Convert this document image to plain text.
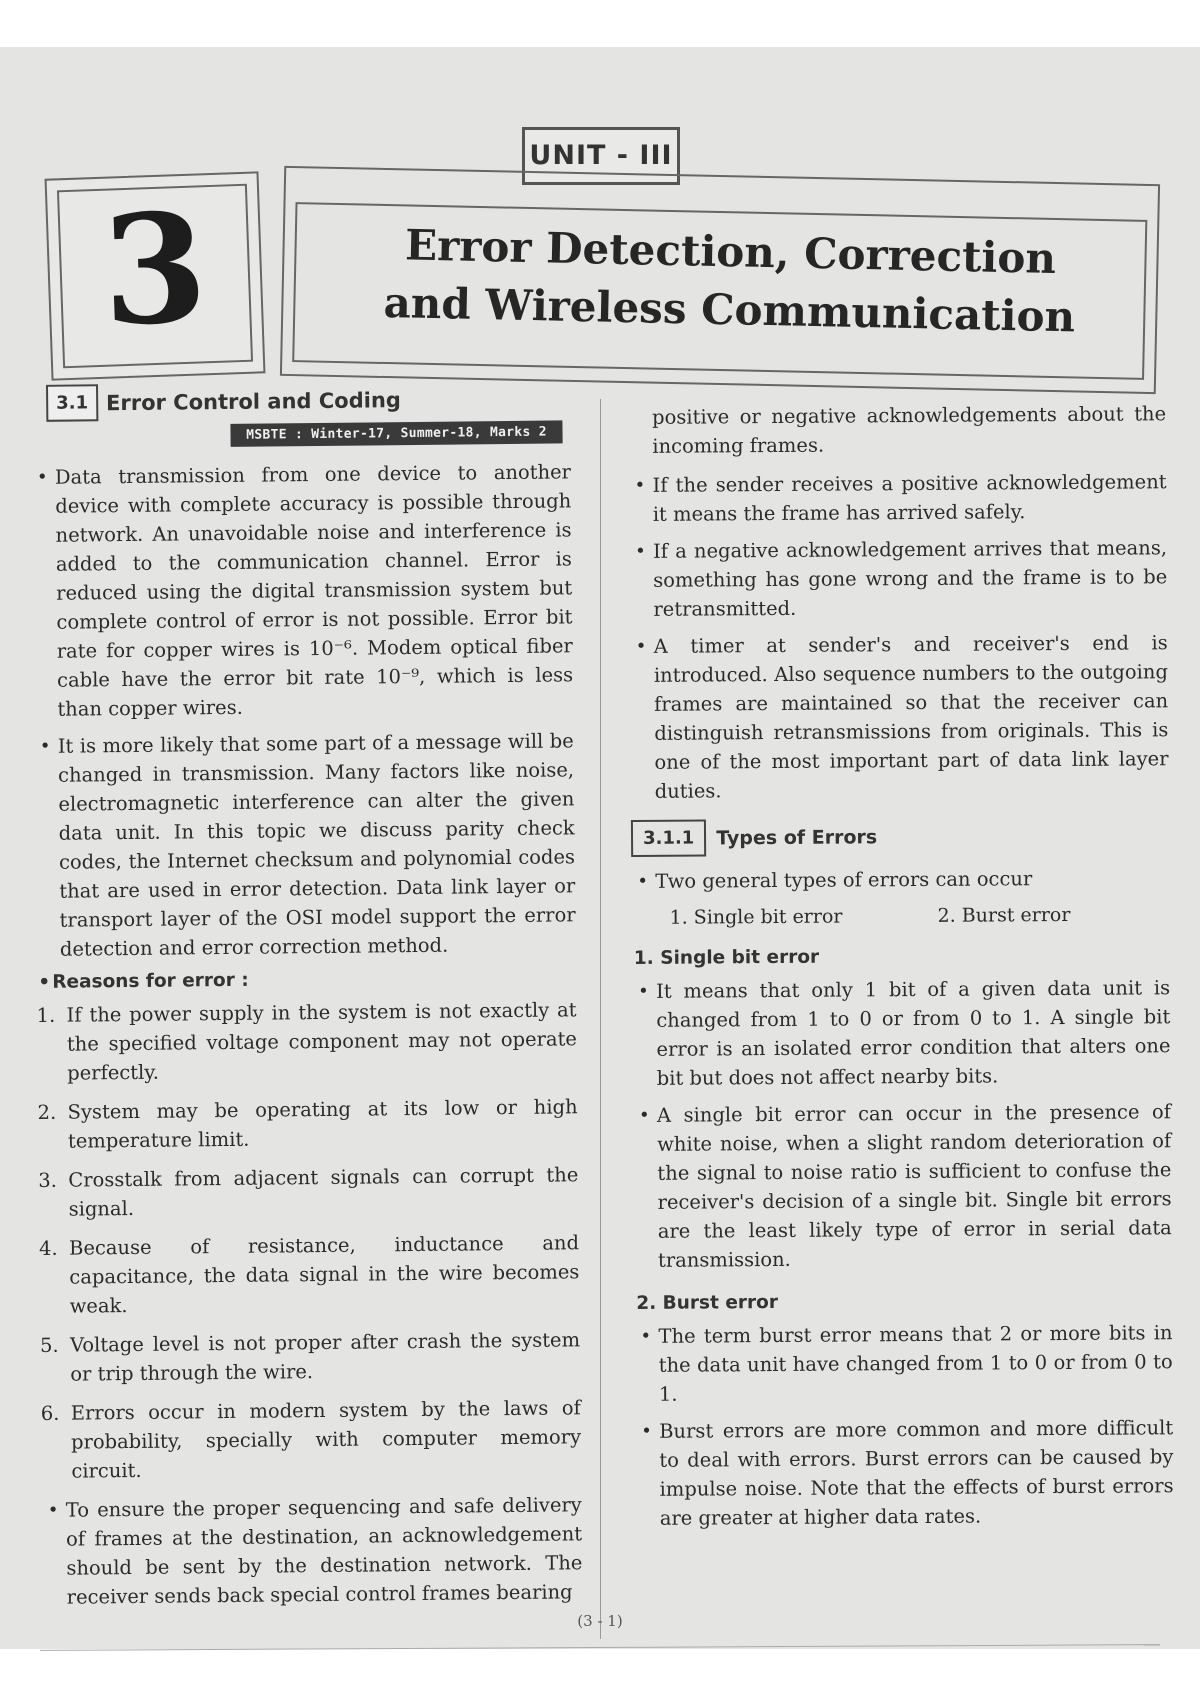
UNIT - III
3	Error Detection, Correction
and Wireless Communication
3.1 Error Control and Coding
MSBTE : Winter-17, Summer-18, Marks 2

• Data transmission from one device to another device with complete accuracy is possible through network. An unavoidable noise and interference is added to the communication channel. Error is reduced using the digital transmission system but complete control of error is not possible. Error bit rate for copper wires is 10⁻⁶. Modem optical fiber cable have the error bit rate 10⁻⁹, which is less than copper wires.

• It is more likely that some part of a message will be changed in transmission. Many factors like noise, electromagnetic interference can alter the given data unit. In this topic we discuss parity check codes, the Internet checksum and polynomial codes that are used in error detection. Data link layer or transport layer of the OSI model support the error detection and error correction method.

• Reasons for error :
1. If the power supply in the system is not exactly at the specified voltage component may not operate perfectly.
2. System may be operating at its low or high temperature limit.
3. Crosstalk from adjacent signals can corrupt the signal.
4. Because of resistance, inductance and capacitance, the data signal in the wire becomes weak.
5. Voltage level is not proper after crash the system or trip through the wire.
6. Errors occur in modern system by the laws of probability, specially with computer memory circuit.

• To ensure the proper sequencing and safe delivery of frames at the destination, an acknowledgement should be sent by the destination network. The receiver sends back special control frames bearing

positive or negative acknowledgements about the incoming frames.

• If the sender receives a positive acknowledgement it means the frame has arrived safely.

• If a negative acknowledgement arrives that means, something has gone wrong and the frame is to be retransmitted.

• A timer at sender's and receiver's end is introduced. Also sequence numbers to the outgoing frames are maintained so that the receiver can distinguish retransmissions from originals. This is one of the most important part of data link layer duties.

3.1.1	Types of Errors

• Two general types of errors can occur

1. Single bit error	2. Burst error
1. Single bit error

• It means that only 1 bit of a given data unit is changed from 1 to 0 or from 0 to 1. A single bit error is an isolated error condition that alters one bit but does not affect nearby bits.

• A single bit error can occur in the presence of white noise, when a slight random deterioration of the signal to noise ratio is sufficient to confuse the receiver's decision of a single bit. Single bit errors are the least likely type of error in serial data transmission.

2. Burst error

• The term burst error means that 2 or more bits in the data unit have changed from 1 to 0 or from 0 to 1.

• Burst errors are more common and more difficult to deal with errors. Burst errors can be caused by impulse noise. Note that the effects of burst errors are greater at higher data rates.

(3 - 1)
